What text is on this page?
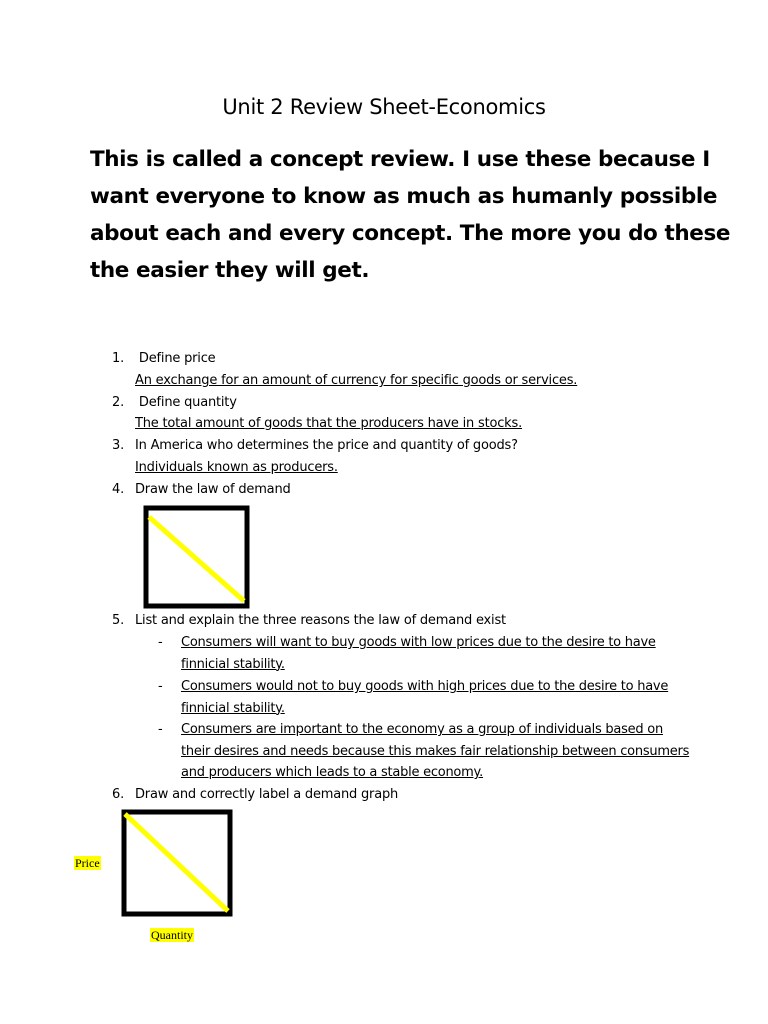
Unit 2 Review Sheet-Economics
This is called a concept review. I use these because I
want everyone to know as much as humanly possible
about each and every concept. The more you do these
the easier they will get.
1. Define price
An exchange for an amount of currency for specific goods or services.
2. Define quantity
The total amount of goods that the producers have in stocks.
3. In America who determines the price and quantity of goods?
Individuals known as producers.
4. Draw the law of demand
5. List and explain the three reasons the law of demand exist
- Consumers will want to buy goods with low prices due to the desire to have
finnicial stability.
- Consumers would not to buy goods with high prices due to the desire to have
finnicial stability.
- Consumers are important to the economy as a group of individuals based on
their desires and needs because this makes fair relationship between consumers
and producers which leads to a stable economy.
6. Draw and correctly label a demand graph
Price
Quantity
